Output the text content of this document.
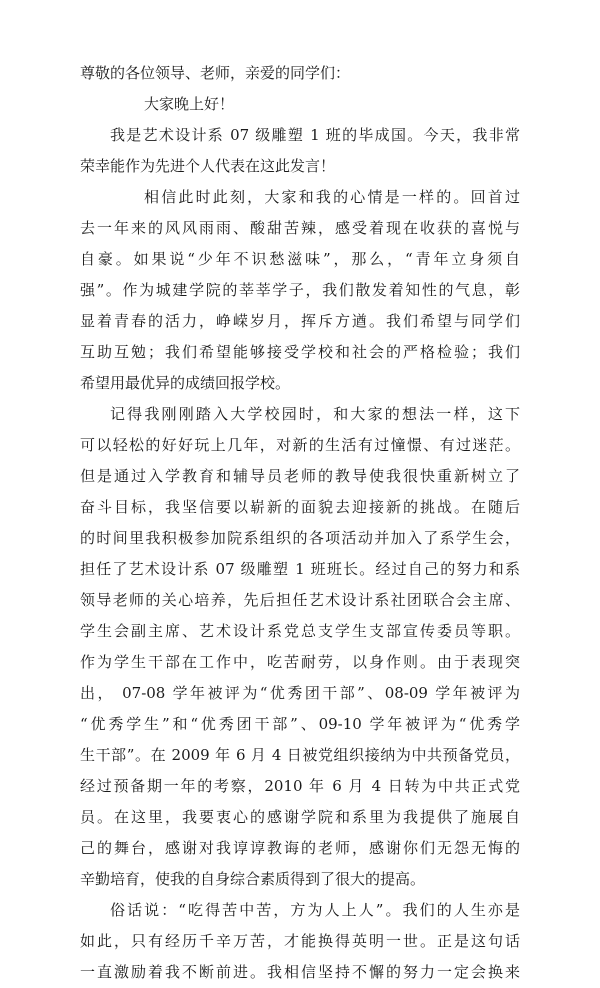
尊敬的各位领导、老师，亲爱的同学们：
大家晚上好！
我是艺术设计系 07 级雕塑 1 班的毕成国。今天，我非常
荣幸能作为先进个人代表在这此发言！
相信此时此刻，大家和我的心情是一样的。回首过
去一年来的风风雨雨、酸甜苦辣，感受着现在收获的喜悦与
自豪。如果说“少年不识愁滋味”，那么，“青年立身须自
强”。作为城建学院的莘莘学子，我们散发着知性的气息，彰
显着青春的活力，峥嵘岁月，挥斥方遒。我们希望与同学们
互助互勉；我们希望能够接受学校和社会的严格检验；我们
希望用最优异的成绩回报学校。
记得我刚刚踏入大学校园时，和大家的想法一样，这下
可以轻松的好好玩上几年，对新的生活有过憧憬、有过迷茫。
但是通过入学教育和辅导员老师的教导使我很快重新树立了
奋斗目标，我坚信要以崭新的面貌去迎接新的挑战。在随后
的时间里我积极参加院系组织的各项活动并加入了系学生会，
担任了艺术设计系 07 级雕塑 1 班班长。经过自己的努力和系
领导老师的关心培养，先后担任艺术设计系社团联合会主席、
学生会副主席、艺术设计系党总支学生支部宣传委员等职。
作为学生干部在工作中，吃苦耐劳，以身作则。由于表现突
出， 07-08 学年被评为“优秀团干部”、08-09 学年被评为
“优秀学生”和“优秀团干部”、09-10 学年被评为“优秀学
生干部”。在 2009 年 6 月 4 日被党组织接纳为中共预备党员，
经过预备期一年的考察，2010 年 6 月 4 日转为中共正式党
员。在这里，我要衷心的感谢学院和系里为我提供了施展自
己的舞台，感谢对我谆谆教诲的老师，感谢你们无怨无悔的
辛勤培育，使我的自身综合素质得到了很大的提高。
俗话说：“吃得苦中苦，方为人上人”。我们的人生亦是
如此，只有经历千辛万苦，才能换得英明一世。正是这句话
一直激励着我不断前进。我相信坚持不懈的努力一定会换来
